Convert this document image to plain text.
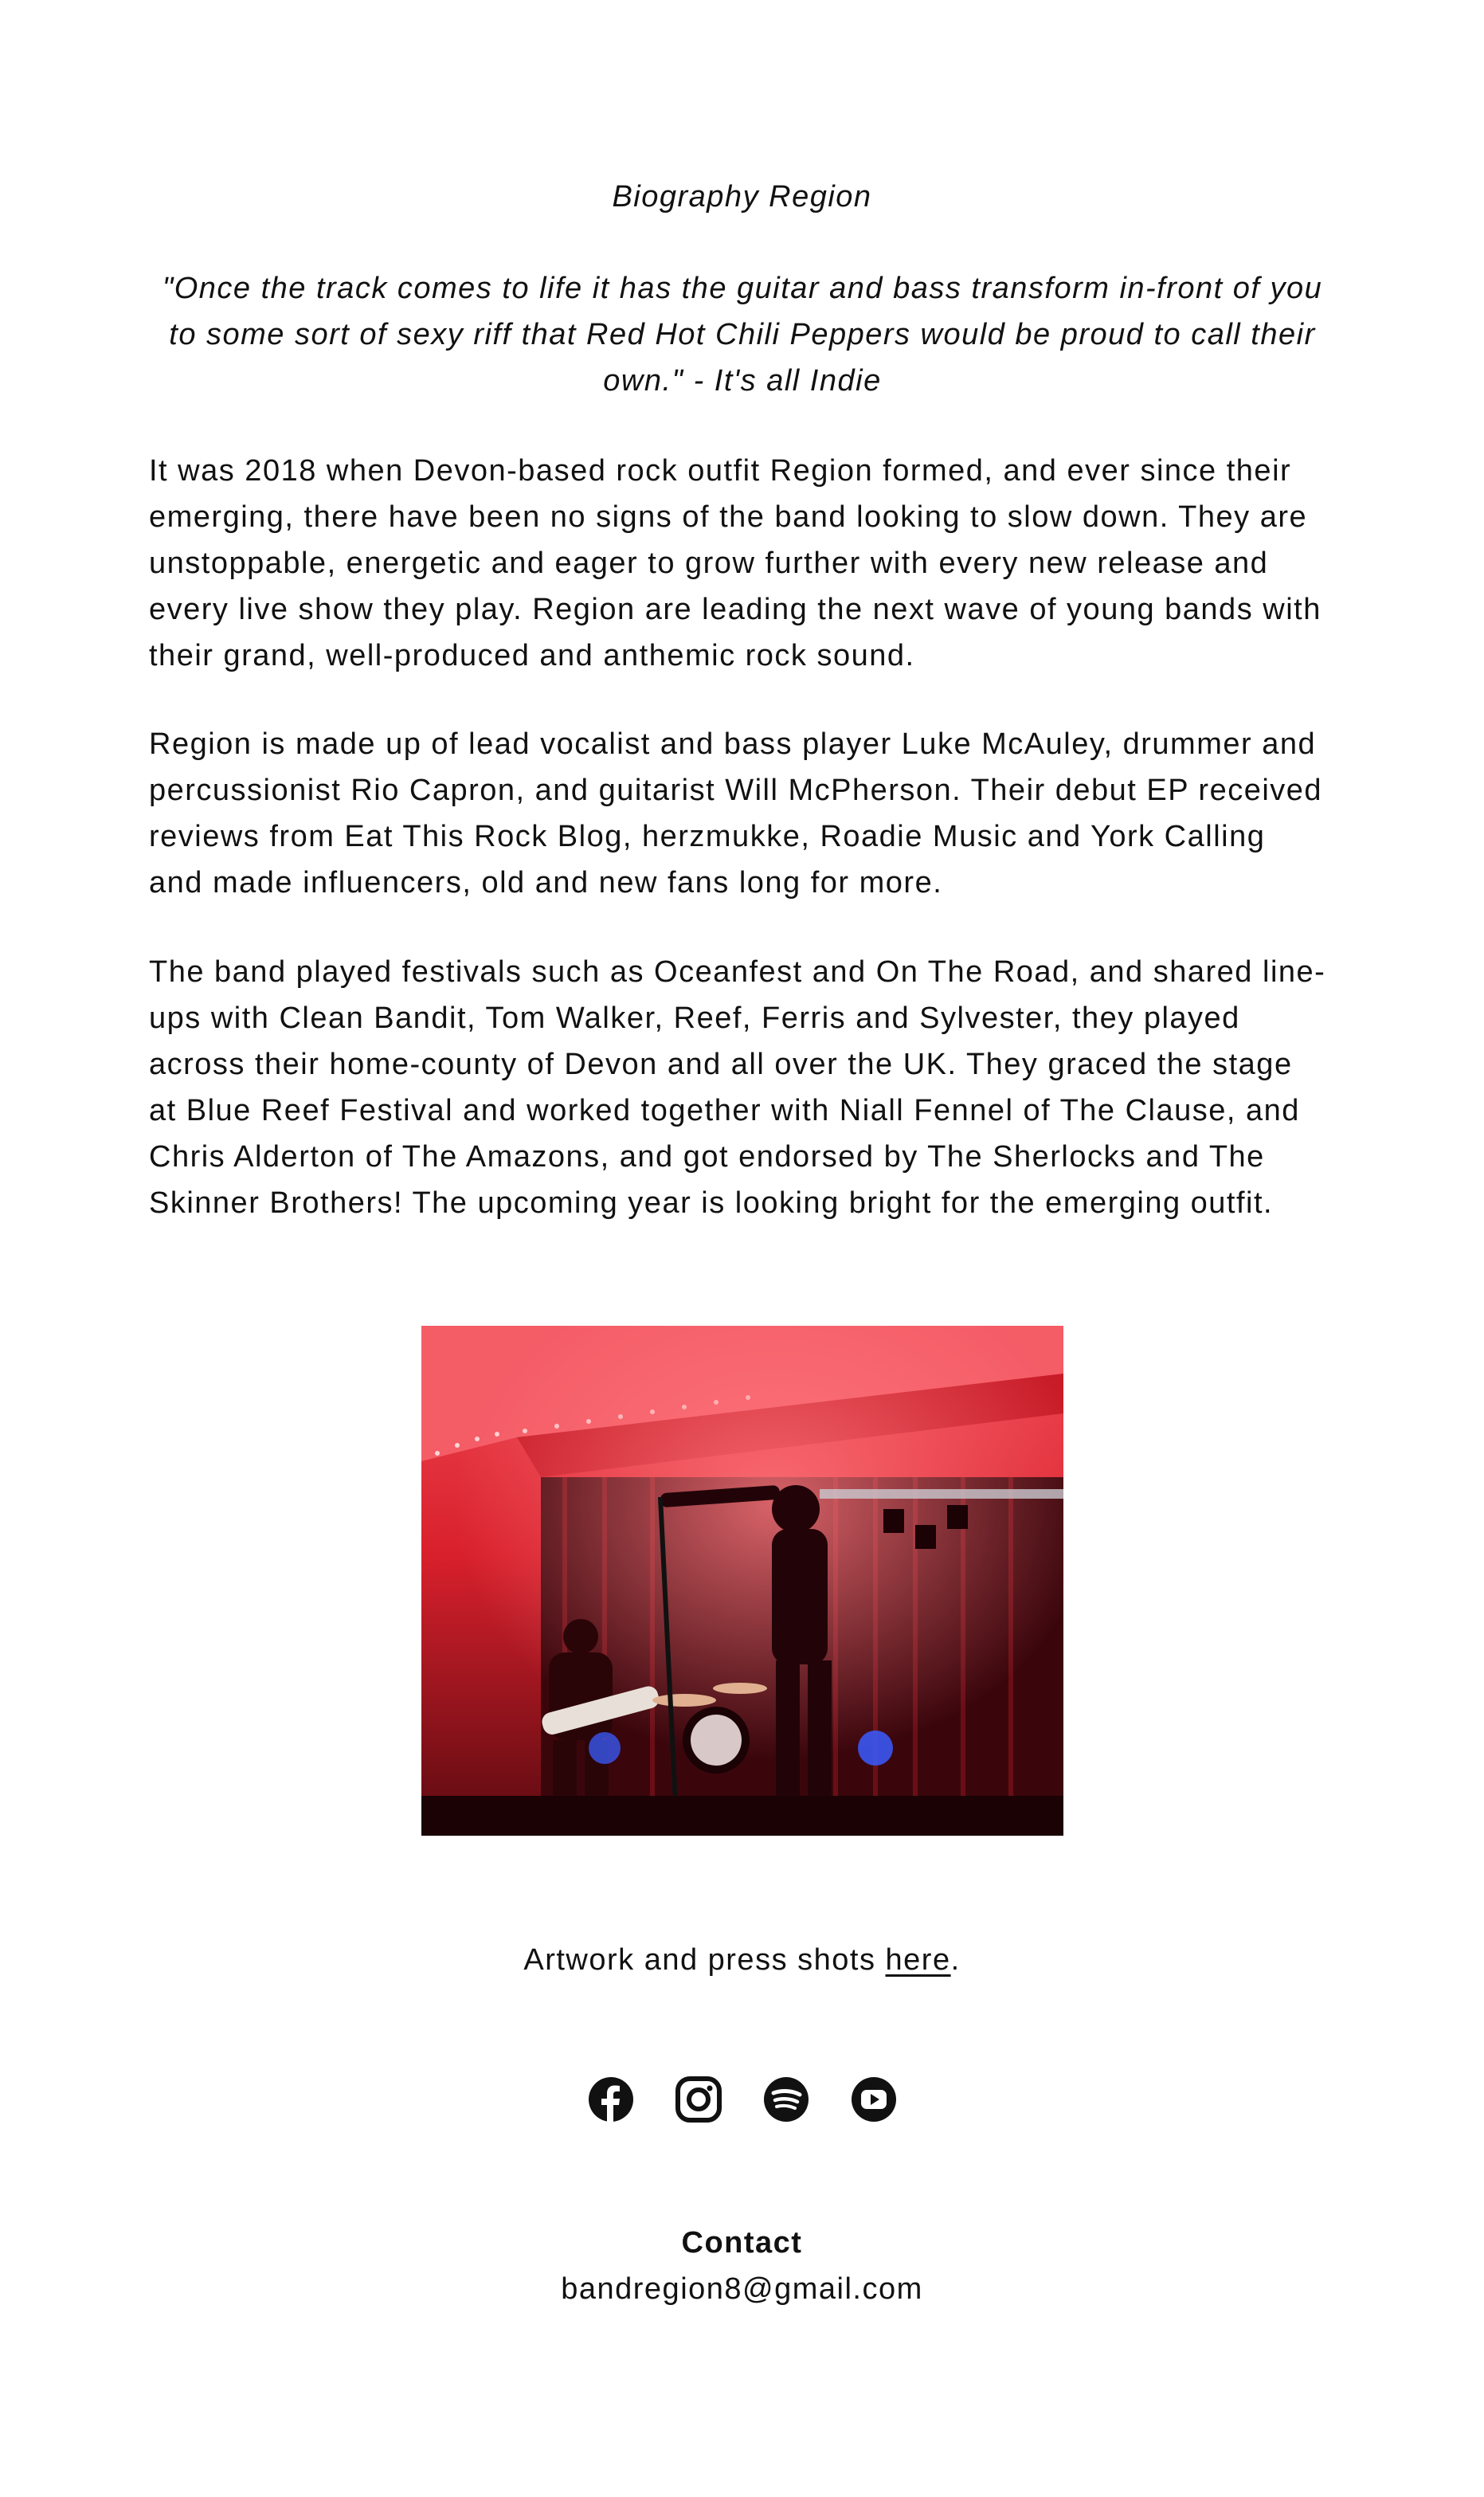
Biography Region
"Once the track comes to life it has the guitar and bass transform in-front of you to some sort of sexy riff that Red Hot Chili Peppers would be proud to call their own." - It's all Indie
It was 2018 when Devon-based rock outfit Region formed, and ever since their emerging, there have been no signs of the band looking to slow down. They are unstoppable, energetic and eager to grow further with every new release and every live show they play. Region are leading the next wave of young bands with their grand, well-produced and anthemic rock sound.
Region is made up of lead vocalist and bass player Luke McAuley, drummer and percussionist Rio Capron, and guitarist Will McPherson. Their debut EP received reviews from Eat This Rock Blog, herzmukke, Roadie Music and York Calling and made influencers, old and new fans long for more.
The band played festivals such as Oceanfest and On The Road, and shared line-ups with Clean Bandit, Tom Walker, Reef, Ferris and Sylvester, they played across their home-county of Devon and all over the UK. They graced the stage at Blue Reef Festival and worked together with Niall Fennel of The Clause, and Chris Alderton of The Amazons, and got endorsed by The Sherlocks and The Skinner Brothers! The upcoming year is looking bright for the emerging outfit.
Artwork and press shots here.
Contact
bandregion8@gmail.com
